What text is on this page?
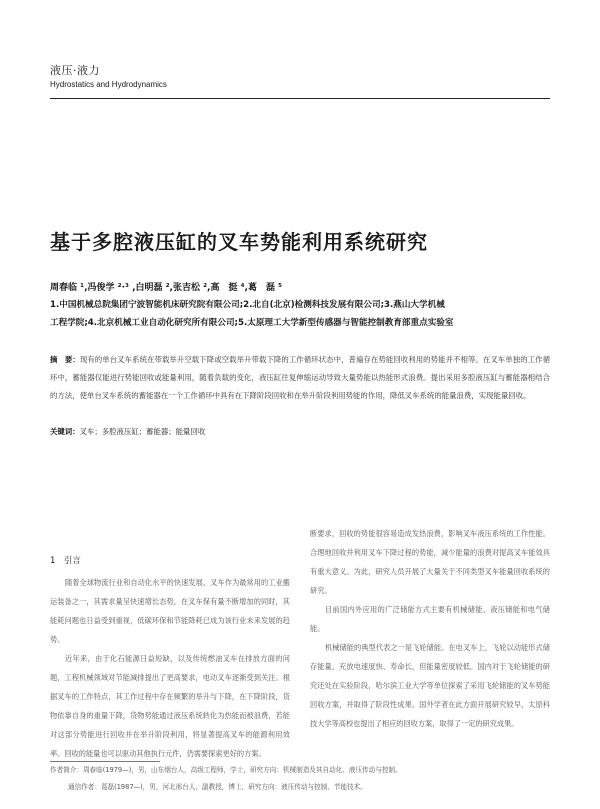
液压·液力
Hydrostatics and Hydrodynamics
基于多腔液压缸的叉车势能利用系统研究
周春临 ¹,冯俊学 ²·³ ,白明磊 ²,张吉松 ²,高　挺 ⁴,葛　磊 ⁵
1.中国机械总院集团宁波智能机床研究院有限公司;2.北自(北京)检测科技发展有限公司;3.燕山大学机械
工程学院;4.北京机械工业自动化研究所有限公司;5.太原理工大学新型传感器与智能控制教育部重点实验室
摘　要：现有的单台叉车系统在带载举升空载下降或空载举升带载下降的工作循环状态中，普遍存在势能回收利用的势能并不相等。在叉车单独的工作循环中，蓄能器仅能进行势能回收或能量利用，随着负载的变化，液压缸往复伸缩运动导致大量势能以热能形式浪费。提出采用多腔液压缸与蓄能器相结合的方法，使单台叉车系统的蓄能器在一个工作循环中具有在下降阶段回收和在举升阶段利用势能的作用，降低叉车系统的能量浪费，实现能量回收。
关键词：叉车；多腔液压缸；蓄能器；能量回收
1　引言

随着全球物流行业和自动化水平的快速发展，叉车作为最常用的工业搬运装备之一，其需求量呈快速增长态势，在叉车保有量不断增加的同时，其能耗问题也日益受到重视，低碳环保和节能降耗已成为该行业未来发展的趋势。

近年来，由于化石能源日益短缺，以及传统燃油叉车在排放方面的问题，工程机械领域对节能减排提出了更高要求，电动叉车逐渐受到关注。根据叉车的工作特点，其工作过程中存在频繁的举升与下降，在下降阶段，货物依靠自身的重量下降，货物势能通过液压系统转化为热能而被浪费，若能对这部分势能进行回收并在举升阶段利用，将显著提高叉车的能源利用效率。回收的能量也可以驱动其他执行元件，仍需要探索更好的方案。

断要求，回收的势能很容易造成发热浪费，影响叉车液压系统的工作性能。合理地回收并利用叉车下降过程的势能，减少能量的浪费对提高叉车能效具有重大意义。为此，研究人员开展了大量关于不同类型叉车能量回收系统的研究。

目前国内外应用的广泛储能方式主要有机械储能、液压储能和电气储能。

机械储能的典型代表之一是飞轮储能。在电叉车上，飞轮以动能形式储存能量，充放电速度快、寿命长，但能量密度较低。国内对于飞轮储能的研究还处在实验阶段，哈尔滨工业大学等单位探索了采用飞轮储能的叉车势能回收方案，并取得了阶段性成果。国外学者在此方面开展研究较早，太原科技大学等高校也提出了相应的回收方案，取得了一定的研究成果。

作者简介：周春临(1979—)，男，山东烟台人，高级工程师，学士，研究方向：机械制造及其自动化、液压传动与控制。
通信作者：葛磊(1987—)，男，河北邢台人，副教授，博士，研究方向：液压传动与控制、节能技术。
